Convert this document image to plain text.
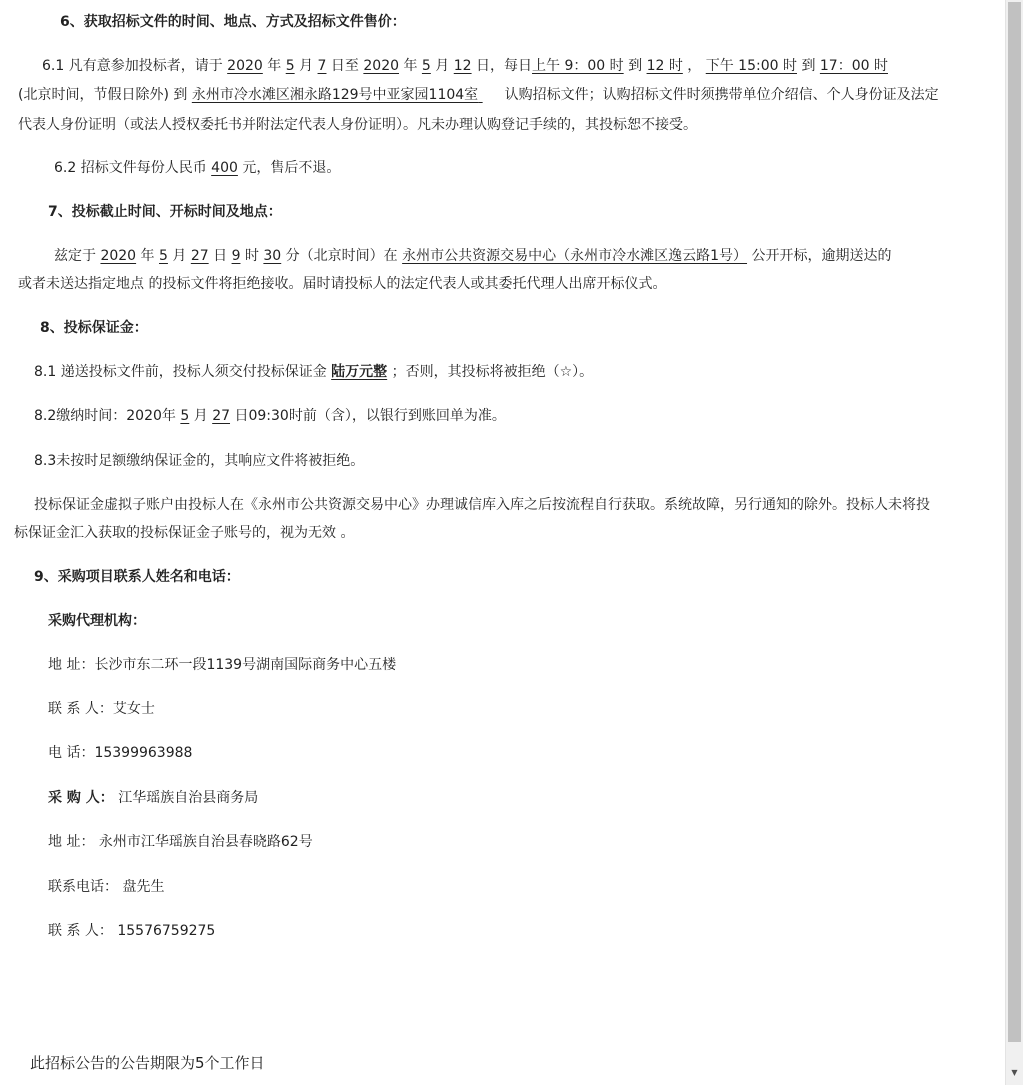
6、获取招标文件的时间、地点、方式及招标文件售价：
6.1 凡有意参加投标者，请于 2020 年 5 月 7 日至 2020 年 5 月 12 日，每日上午 9：00 时 到 12 时 ， 下午 15:00 时 到 17：00 时
(北京时间，节假日除外) 到 永州市冷水滩区湘永路129号中亚家园1104室 认购招标文件；认购招标文件时须携带单位介绍信、个人身份证及法定
代表人身份证明（或法人授权委托书并附法定代表人身份证明）。凡未办理认购登记手续的，其投标恕不接受。
6.2 招标文件每份人民币 400 元，售后不退。
7、投标截止时间、开标时间及地点：
兹定于 2020 年 5 月 27 日 9 时 30 分（北京时间）在 永州市公共资源交易中心（永州市冷水滩区逸云路1号） 公开开标，逾期送达的
或者未送达指定地点 的投标文件将拒绝接收。届时请投标人的法定代表人或其委托代理人出席开标仪式。
8、投标保证金：
8.1 递送投标文件前，投标人须交付投标保证金 陆万元整 ；否则，其投标将被拒绝（☆）。
8.2缴纳时间：2020年 5 月 27 日09:30时前（含），以银行到账回单为准。
8.3未按时足额缴纳保证金的，其响应文件将被拒绝。
投标保证金虚拟子账户由投标人在《永州市公共资源交易中心》办理诚信库入库之后按流程自行获取。系统故障，另行通知的除外。投标人未将投
标保证金汇入获取的投标保证金子账号的，视为无效 。
9、采购项目联系人姓名和电话：
采购代理机构：
地 址：长沙市东二环一段1139号湖南国际商务中心五楼
联 系 人：艾女士
电 话：15399963988
采 购 人： 江华瑶族自治县商务局
地 址： 永州市江华瑶族自治县春晓路62号
联系电话： 盘先生
联 系 人： 15576759275
此招标公告的公告期限为5个工作日
▼
